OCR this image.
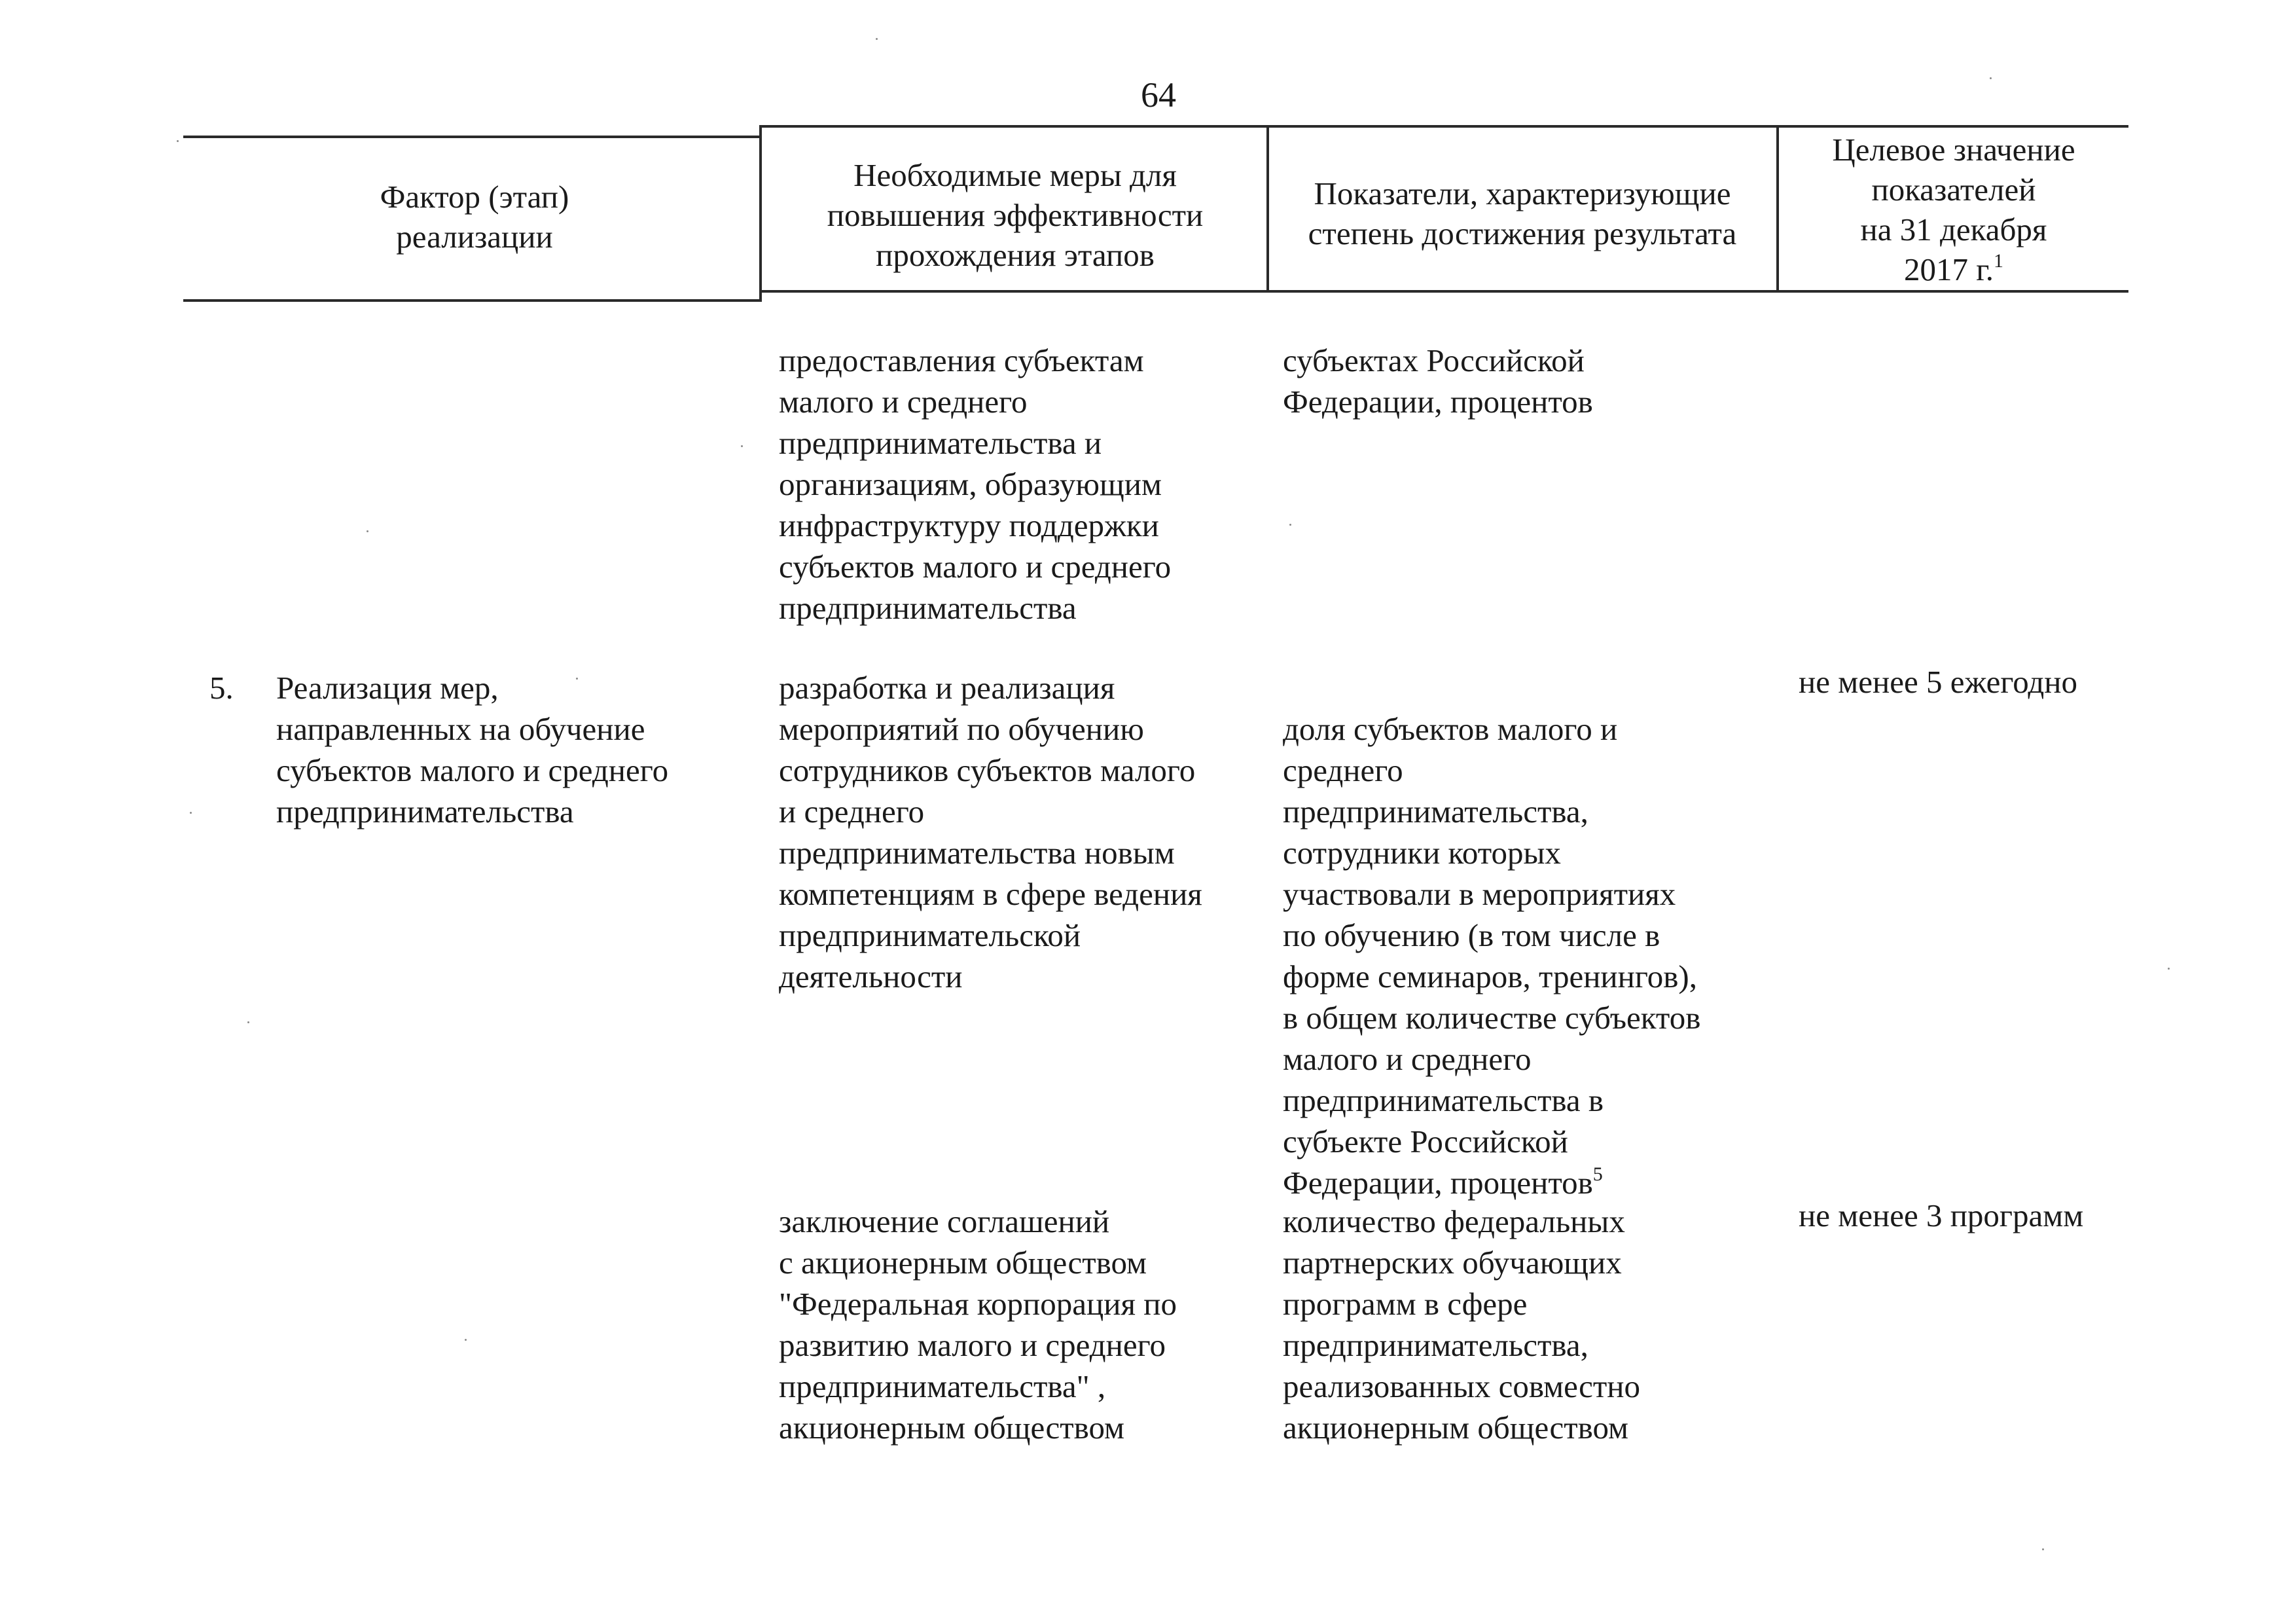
64
Фактор (этап)
реализации
Необходимые меры для
повышения эффективности
прохождения этапов
Показатели, характеризующие
степень достижения результата
Целевое значение
показателей
на 31 декабря
2017 г.$^1$
предоставления субъектам
малого и среднего
предпринимательства и
организациям, образующим
инфраструктуру поддержки
субъектов малого и среднего
предпринимательства
субъектах Российской
Федерации, процентов
5.	Реализация мер,
направленных на обучение
субъектов малого и среднего
предпринимательства
разработка и реализация
мероприятий по обучению
сотрудников субъектов малого
и среднего
предпринимательства новым
компетенциям в сфере ведения
предпринимательской
деятельности

доля субъектов малого и
среднего
предпринимательства,
сотрудники которых
участвовали в мероприятиях
по обучению (в том числе в
форме семинаров, тренингов),
в общем количестве субъектов
малого и среднего
предпринимательства в
субъекте Российской
Федерации, процентов$^5$

не менее 5 ежегодно
заключение соглашений
с акционерным обществом
"Федеральная корпорация по
развитию малого и среднего
предпринимательства" ,
акционерным обществом
количество федеральных
партнерских обучающих
программ в сфере
предпринимательства,
реализованных совместно
акционерным обществом
не менее 3 программ
